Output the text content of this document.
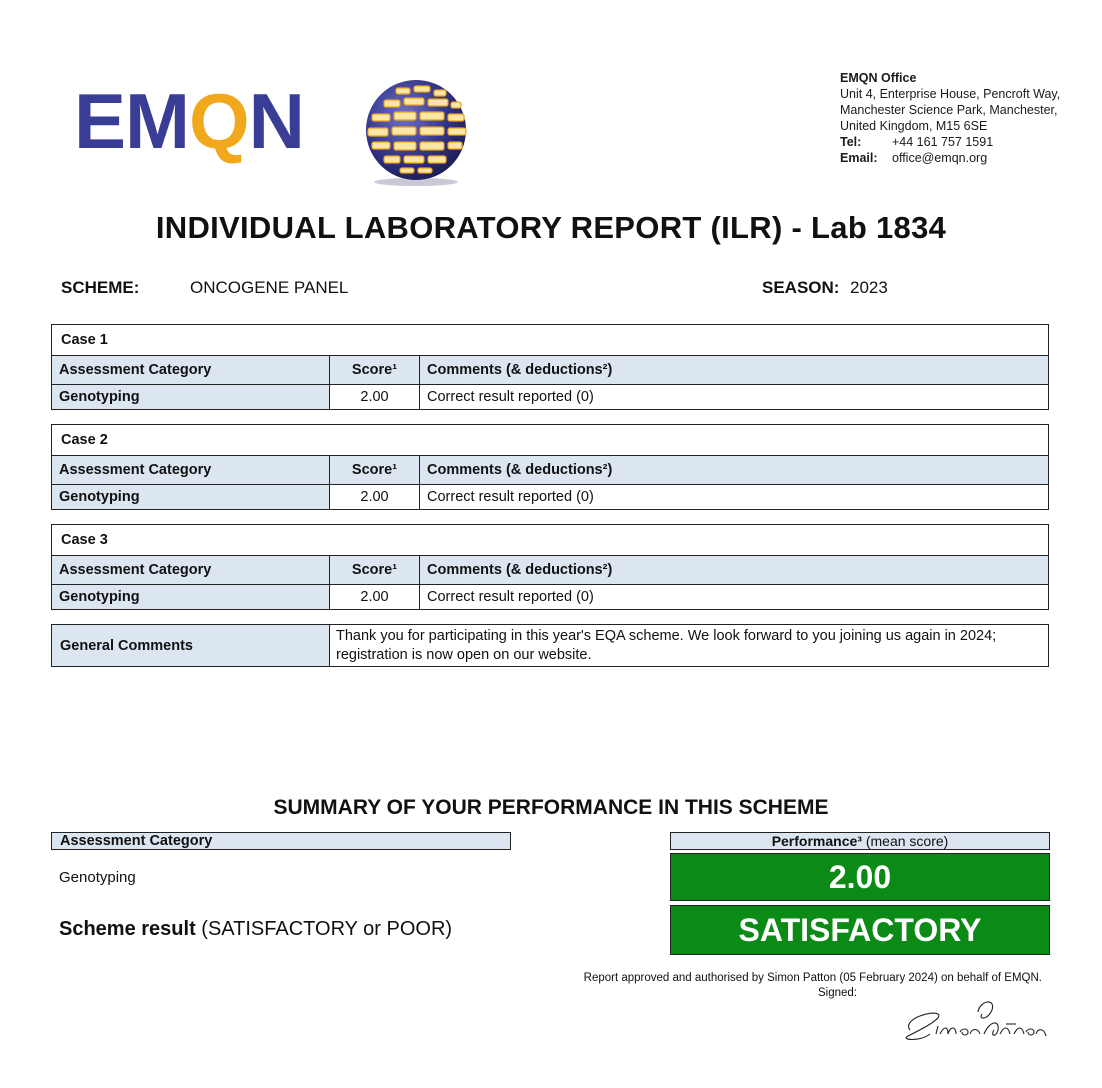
EMQN	EMQN Office
Unit 4, Enterprise House, Pencroft Way, Manchester Science Park, Manchester, United Kingdom, M15 6SE
Tel:	+44 161 757 1591
Email:	office@emqn.org
INDIVIDUAL LABORATORY REPORT (ILR) - Lab 1834
SCHEME:	ONCOGENE PANEL	SEASON: 2023
Case 1
Assessment Category	Score¹	Comments (& deductions²)
Genotyping	2.00	Correct result reported (0)
Case 2
Assessment Category	Score¹	Comments (& deductions²)
Genotyping	2.00	Correct result reported (0)
Case 3
Assessment Category	Score¹	Comments (& deductions²)
Genotyping	2.00	Correct result reported (0)
General Comments
Thank you for participating in this year's EQA scheme. We look forward to you joining us again in 2024; registration is now open on our website.
SUMMARY OF YOUR PERFORMANCE IN THIS SCHEME
Assessment Category	Performance³ (mean score)
Genotyping	2.00
Scheme result (SATISFACTORY or POOR)	SATISFACTORY
Report approved and authorised by Simon Patton (05 February 2024) on behalf of EMQN.
Signed:
